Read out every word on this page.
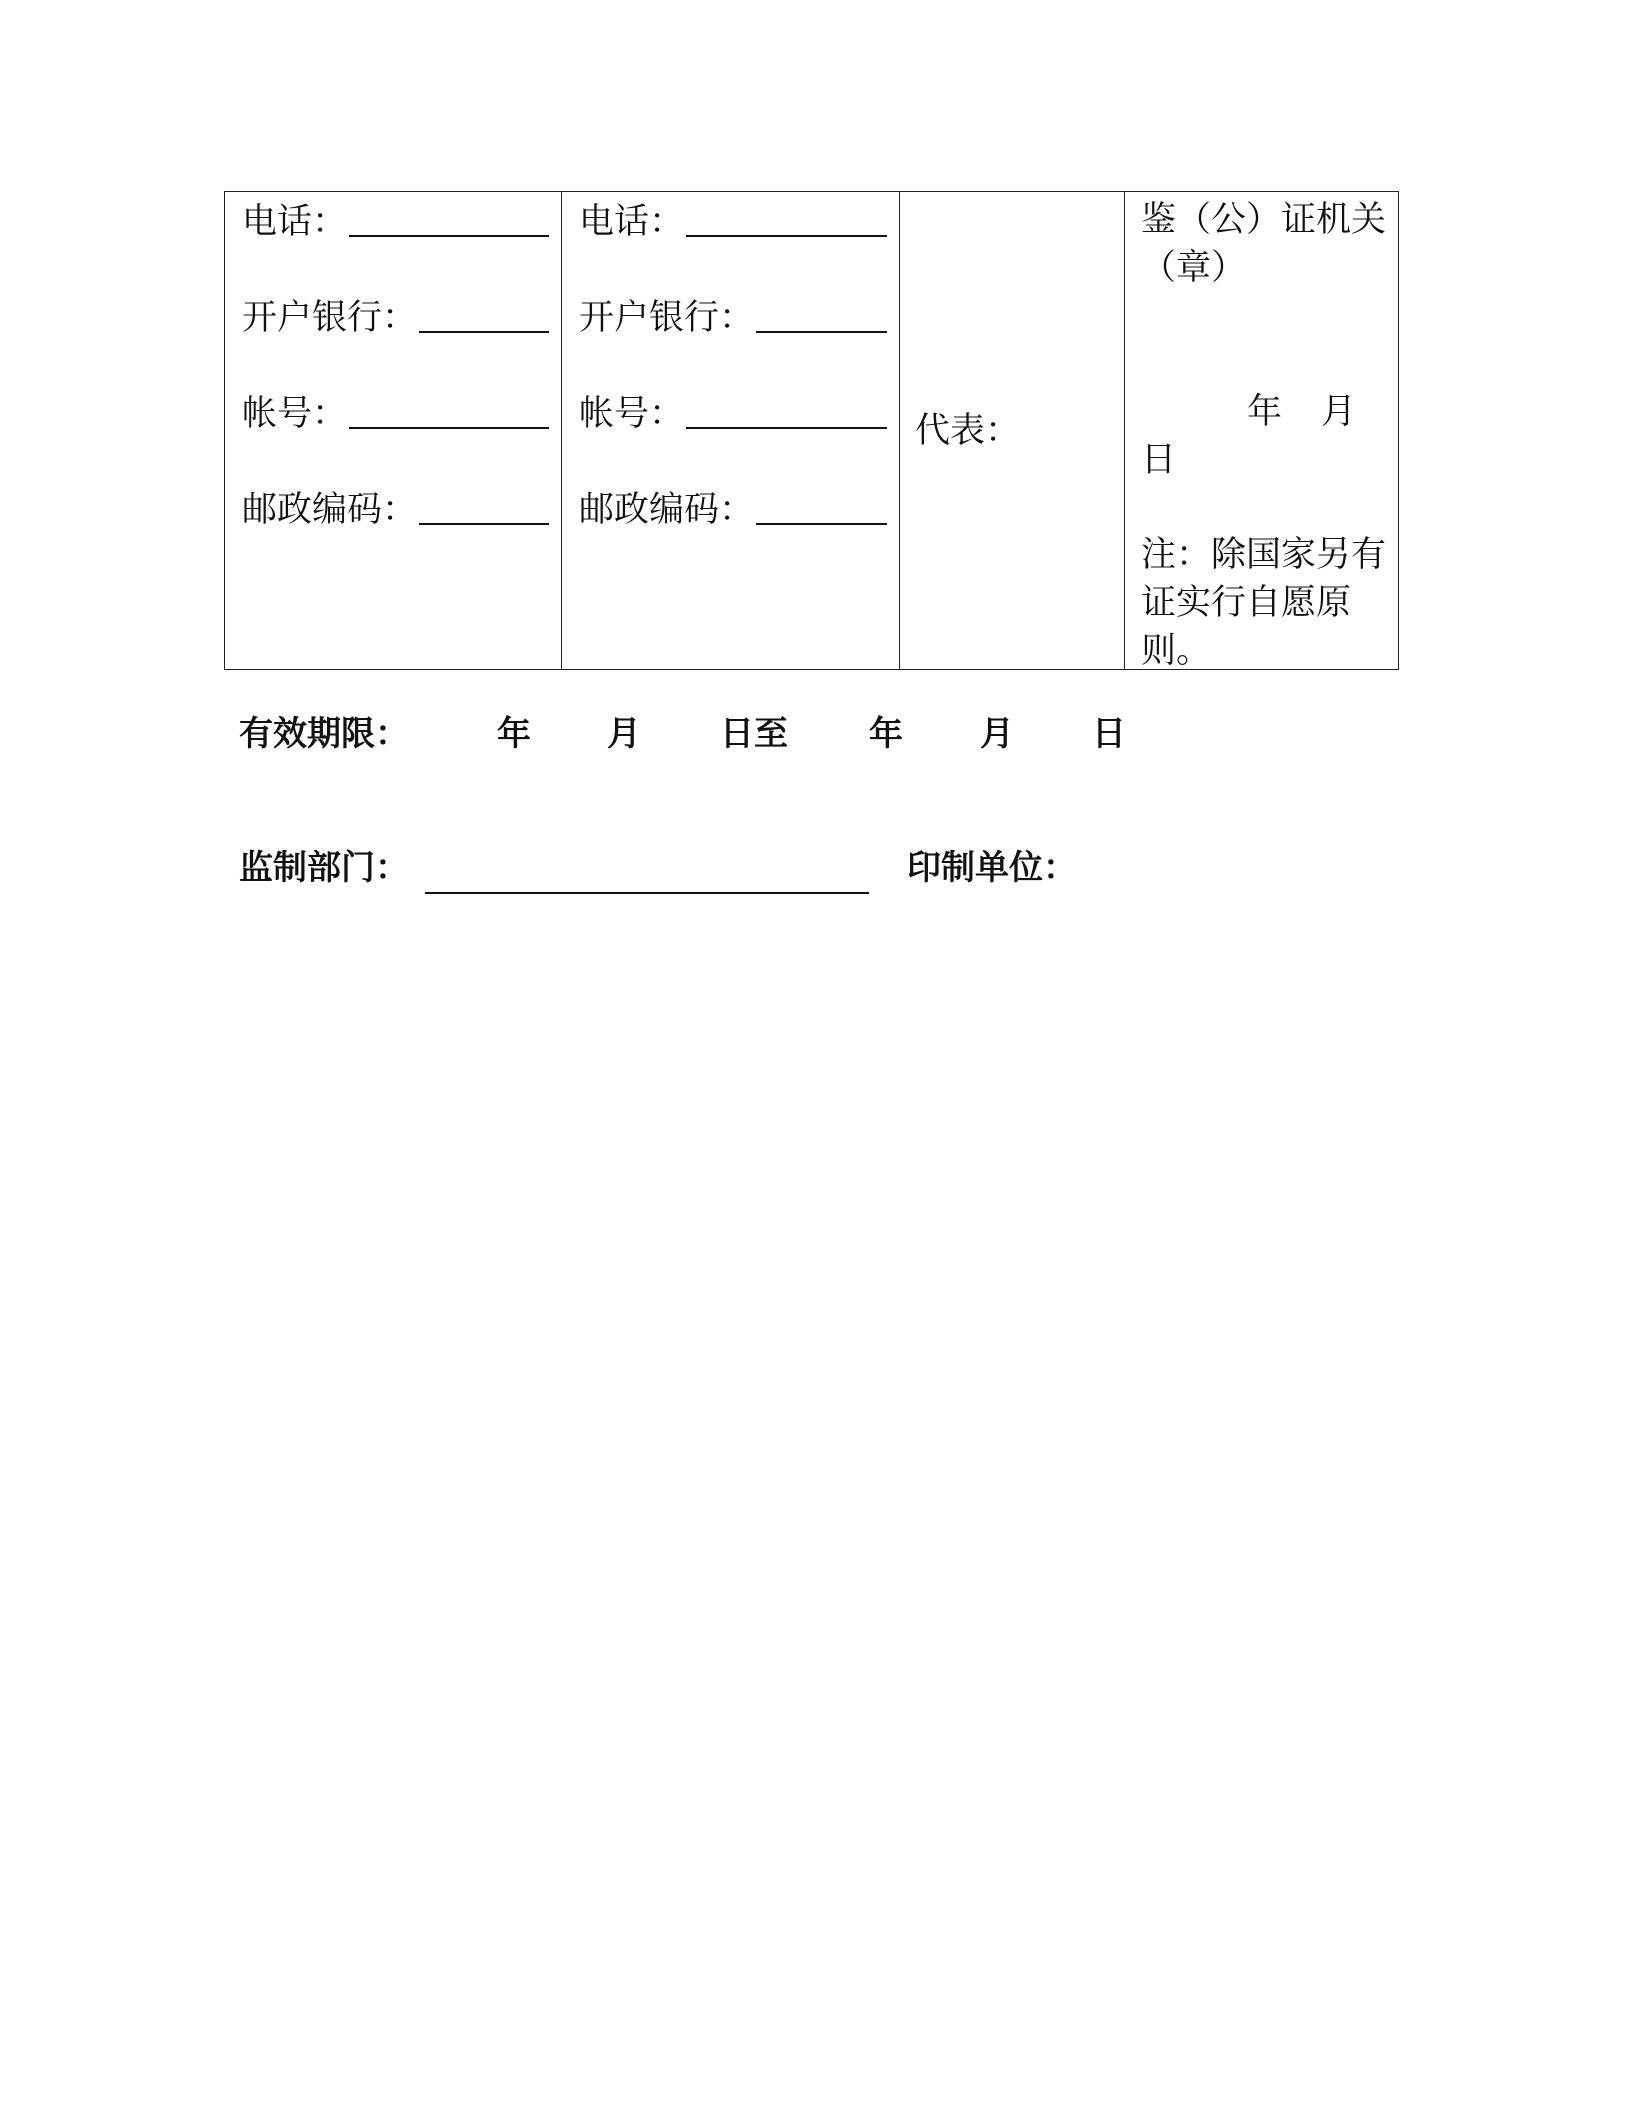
电话：
开户银行：
帐号：
邮政编码：

电话：
开户银行：
帐号：
邮政编码：

代表：

鉴（公）证机关（章）
年 月
日
注：除国家另有证实行自愿原则。
有效期限：	年 月 日至 年 月 日
监制部门：	印制单位：
